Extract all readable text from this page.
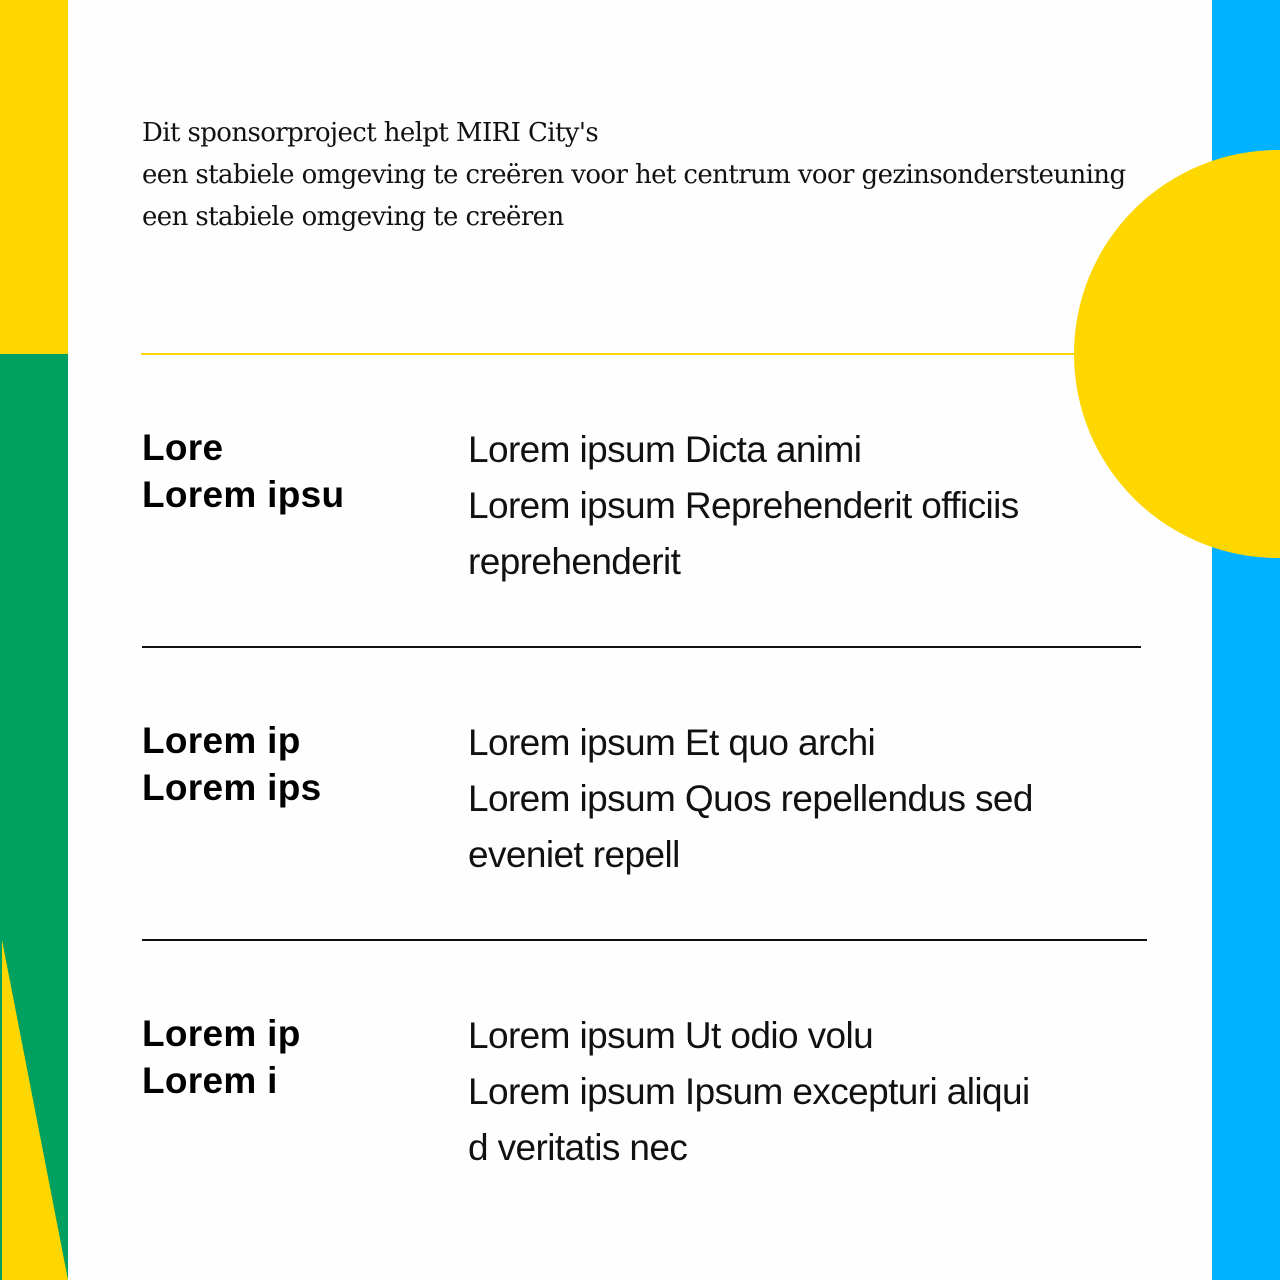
Dit sponsorproject helpt MIRI City's
een stabiele omgeving te creëren voor het centrum voor gezinsondersteuning
een stabiele omgeving te creëren
Lore
Lorem ipsu
Lorem ipsum Dicta animi
Lorem ipsum Reprehenderit officiis
reprehenderit
Lorem ip
Lorem ips
Lorem ipsum Et quo archi
Lorem ipsum Quos repellendus sed
eveniet repell
Lorem ip
Lorem i
Lorem ipsum Ut odio volu
Lorem ipsum Ipsum excepturi aliqui
d veritatis nec
